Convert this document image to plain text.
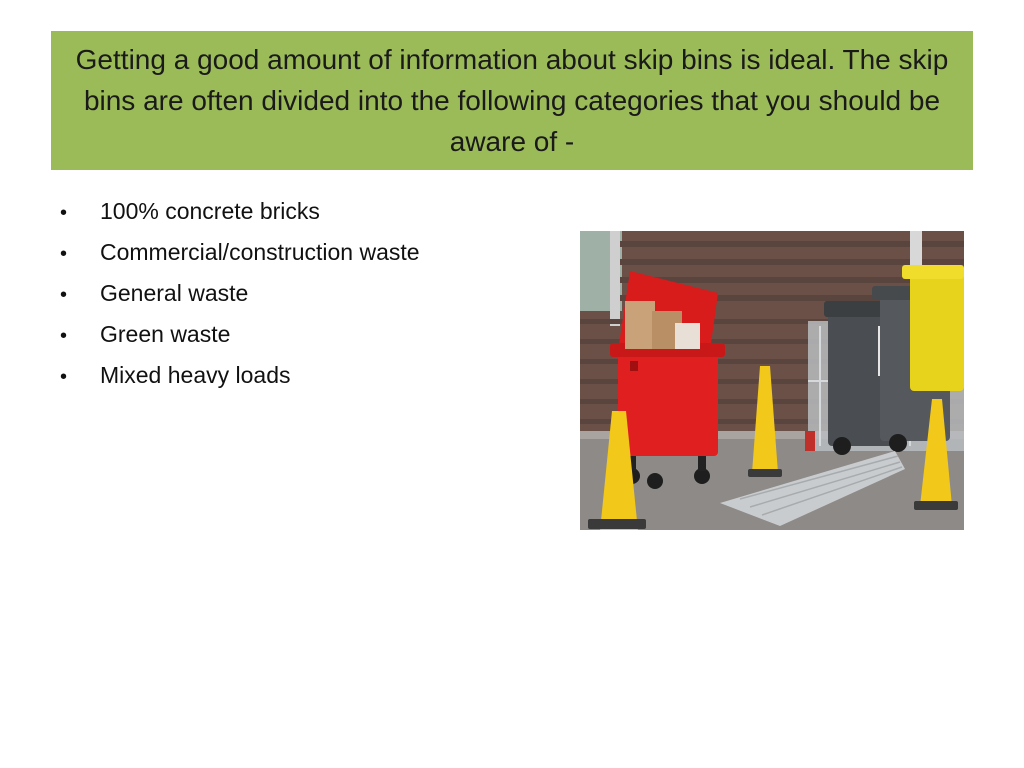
Getting a good amount of information about skip bins is ideal. The skip bins are often divided into the following categories that you should be aware of -

•	100% concrete bricks
•	Commercial/construction waste
•	General waste
•	Green waste
•	Mixed heavy loads
